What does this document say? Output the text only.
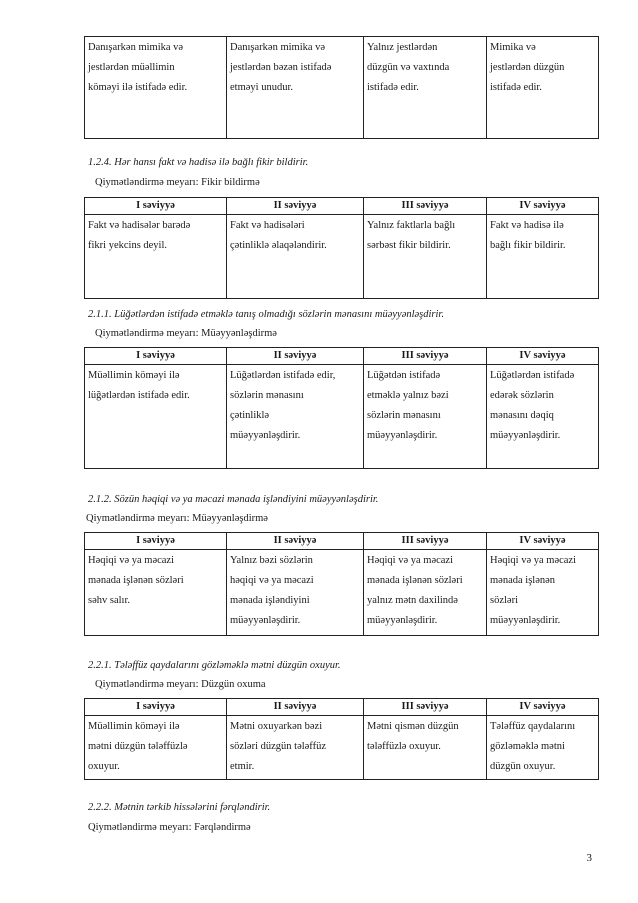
Danışarkən mimika və
jestlərdən müəllimin
köməyi ilə istifadə edir.	Danışarkən mimika və
jestlərdən bəzən istifadə
etməyi unudur.	Yalnız jestlərdən
düzgün və vaxtında
istifadə edir.	Mimika və
jestlərdən düzgün
istifadə edir.
1.2.4. Hər hansı fakt və hadisə ilə bağlı fikir bildirir.
Qiymətləndirmə meyarı: Fikir bildirmə
I səviyyə	II səviyyə	III səviyyə	IV səviyyə
Fakt və hadisələr barədə
fikri yekcins deyil.	Fakt və hadisələri
çətinliklə əlaqələndirir.	Yalnız faktlarla bağlı
sərbəst fikir bildirir.	Fakt və hadisə ilə
bağlı fikir bildirir.
2.1.1. Lüğətlərdən istifadə etməklə tanış olmadığı sözlərin mənasını müəyyənləşdirir.
Qiymətləndirmə meyarı: Müəyyənləşdirmə
I səviyyə	II səviyyə	III səviyyə	IV səviyyə
Müəllimin köməyi ilə
lüğətlərdən istifadə edir.	Lüğətlərdən istifadə edir,
sözlərin mənasını
çətinliklə
müəyyənləşdirir.	Lüğətdən istifadə
etməklə yalnız bəzi
sözlərin mənasını
müəyyənləşdirir.	Lüğətlərdən istifadə
edərək sözlərin
mənasını dəqiq
müəyyənləşdirir.
2.1.2. Sözün həqiqi və ya məcazi mənada işləndiyini müəyyənləşdirir.
Qiymətləndirmə meyarı: Müəyyənləşdirmə
I səviyyə	II səviyyə	III səviyyə	IV səviyyə
Həqiqi və ya məcazi
mənada işlənən sözləri
səhv salır.	Yalnız bəzi sözlərin
həqiqi və ya məcazi
mənada işləndiyini
müəyyənləşdirir.	Həqiqi və ya məcazi
mənada işlənən sözləri
yalnız mətn daxilində
müəyyənləşdirir.	Həqiqi və ya məcazi
mənada işlənən
sözləri
müəyyənləşdirir.
2.2.1. Tələffüz qaydalarını gözləməklə mətni düzgün oxuyur.
Qiymətləndirmə meyarı: Düzgün oxuma
I səviyyə	II səviyyə	III səviyyə	IV səviyyə
Müəllimin köməyi ilə
mətni düzgün tələffüzlə
oxuyur.	Mətni oxuyarkən bəzi
sözləri düzgün tələffüz
etmir.	Mətni qismən düzgün
tələffüzlə oxuyur.	Tələffüz qaydalarını
gözləməklə mətni
düzgün oxuyur.
2.2.2. Mətnin tərkib hissələrini fərqləndirir.
Qiymətləndirmə meyarı: Fərqləndirmə
3
